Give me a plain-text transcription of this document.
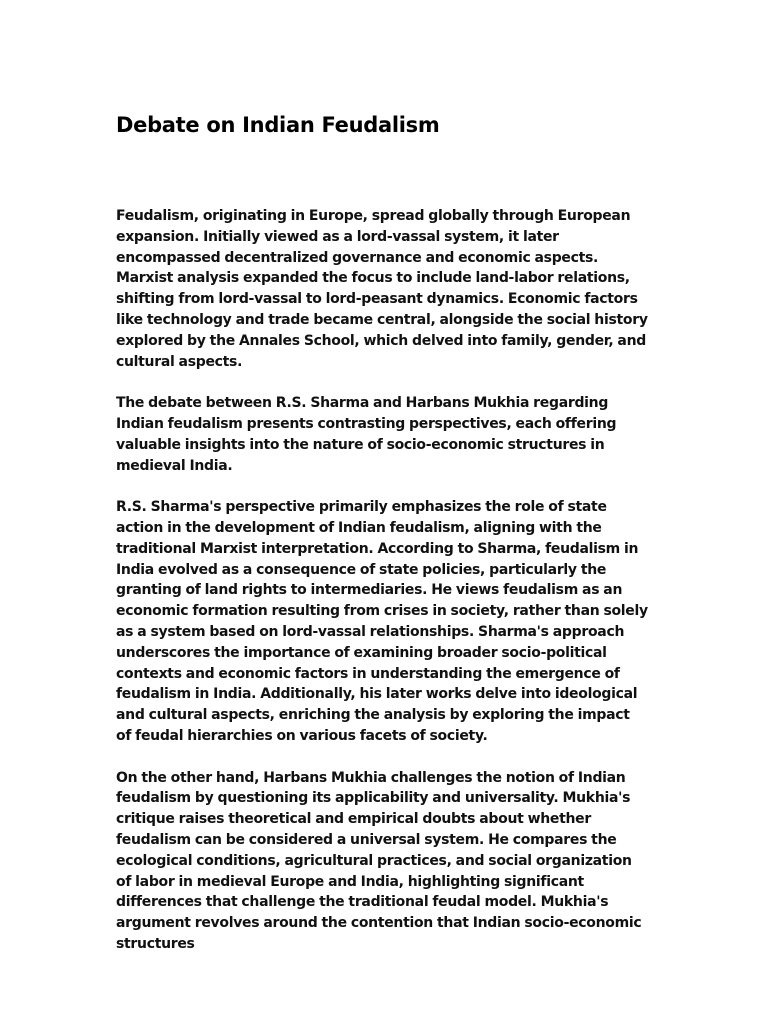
Debate on Indian Feudalism

Feudalism, originating in Europe, spread globally through European expansion. Initially viewed as a lord-vassal system, it later encompassed decentralized governance and economic aspects. Marxist analysis expanded the focus to include land-labor relations, shifting from lord-vassal to lord-peasant dynamics. Economic factors like technology and trade became central, alongside the social history explored by the Annales School, which delved into family, gender, and cultural aspects.

The debate between R.S. Sharma and Harbans Mukhia regarding Indian feudalism presents contrasting perspectives, each offering valuable insights into the nature of socio-economic structures in medieval India.

R.S. Sharma's perspective primarily emphasizes the role of state action in the development of Indian feudalism, aligning with the traditional Marxist interpretation. According to Sharma, feudalism in India evolved as a consequence of state policies, particularly the granting of land rights to intermediaries. He views feudalism as an economic formation resulting from crises in society, rather than solely as a system based on lord-vassal relationships. Sharma's approach underscores the importance of examining broader socio-political contexts and economic factors in understanding the emergence of feudalism in India. Additionally, his later works delve into ideological and cultural aspects, enriching the analysis by exploring the impact of feudal hierarchies on various facets of society.

On the other hand, Harbans Mukhia challenges the notion of Indian feudalism by questioning its applicability and universality. Mukhia's critique raises theoretical and empirical doubts about whether feudalism can be considered a universal system. He compares the ecological conditions, agricultural practices, and social organization of labor in medieval Europe and India, highlighting significant differences that challenge the traditional feudal model. Mukhia's argument revolves around the contention that Indian socio-economic structures
